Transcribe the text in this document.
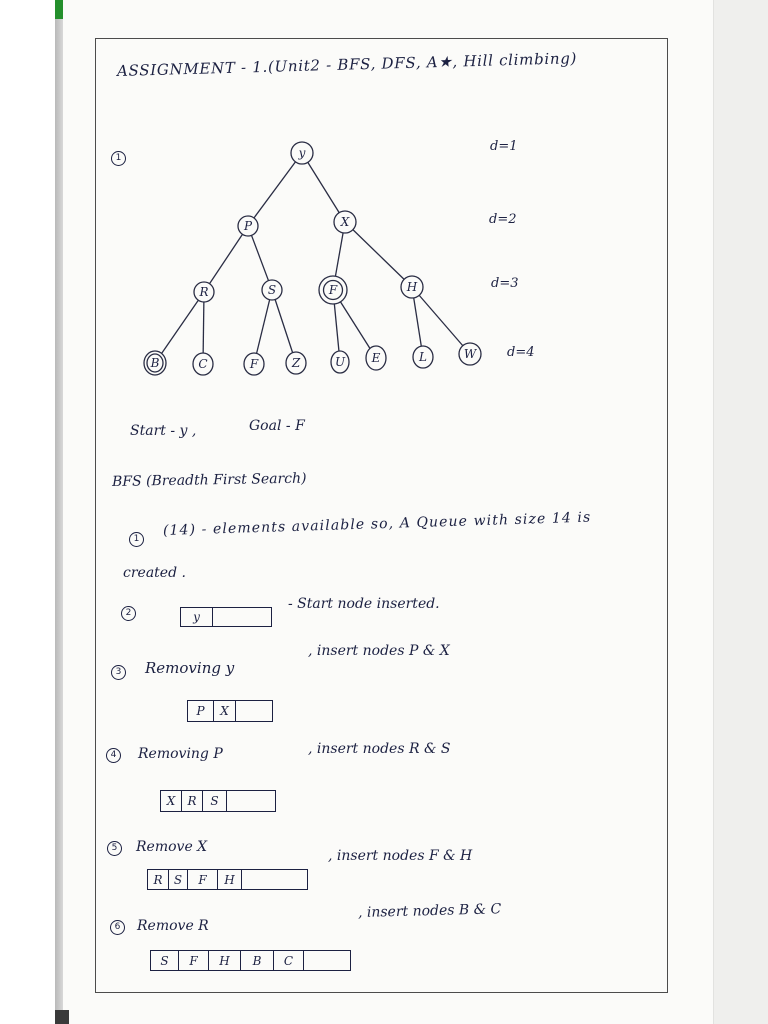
ASSIGNMENT - 1.(Unit2 - BFS, DFS, A★, Hill climbing)
1	y
P	X
R	S	F	H
B	C	F	Z	U E	L	W
d=1
d=2
d=3
d=4
Start - y ,	Goal - F
BFS (Breadth First Search)
1
(14) - elements available so, A Queue with size 14 is
created .
2	y
- Start node inserted.
3	Removing y
, insert nodes P & X
P	X
4	Removing P	, insert nodes R & S
X	R	S
5	Remove X
, insert nodes F & H
R S	F	H
6	Remove R
, insert nodes B & C
S	F	H	B	C
